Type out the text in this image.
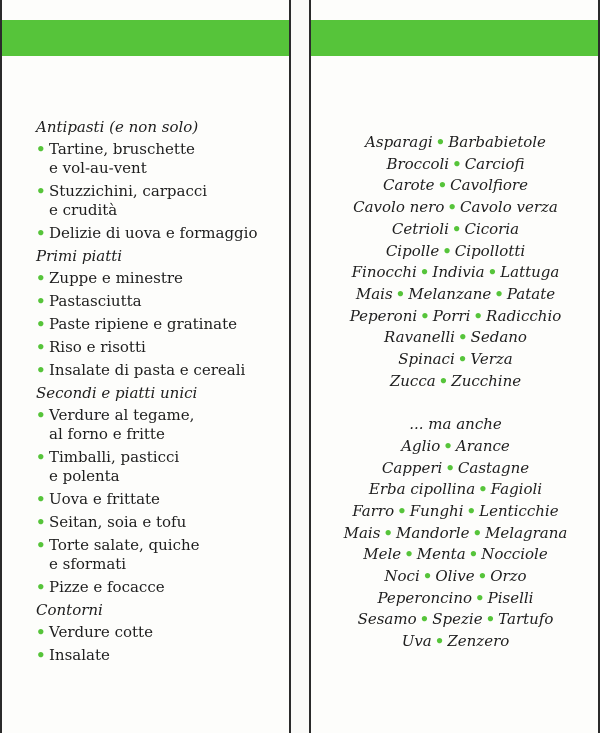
Antipasti (e non solo)
• Tartine, bruschette
e vol-au-vent
• Stuzzichini, carpacci
e crudità
• Delizie di uova e formaggio
Primi piatti
• Zuppe e minestre
• Pastasciutta
• Paste ripiene e gratinate
• Riso e risotti
• Insalate di pasta e cereali
Secondi e piatti unici
• Verdure al tegame,
al forno e fritte
• Timballi, pasticci
e polenta
• Uova e frittate
• Seitan, soia e tofu
• Torte salate, quiche
e sformati
• Pizze e focacce
Contorni
• Verdure cotte
• Insalate
Asparagi • Barbabietole
Broccoli • Carciofi
Carote • Cavolfiore
Cavolo nero • Cavolo verza
Cetrioli • Cicoria
Cipolle • Cipollotti
Finocchi • Indivia • Lattuga
Mais • Melanzane • Patate
Peperoni • Porri • Radicchio
Ravanelli • Sedano
Spinaci • Verza
Zucca • Zucchine
... ma anche
Aglio • Arance
Capperi • Castagne
Erba cipollina • Fagioli
Farro • Funghi • Lenticchie
Mais • Mandorle • Melagrana
Mele • Menta • Nocciole
Noci • Olive • Orzo
Peperoncino • Piselli
Sesamo • Spezie • Tartufo
Uva • Zenzero
